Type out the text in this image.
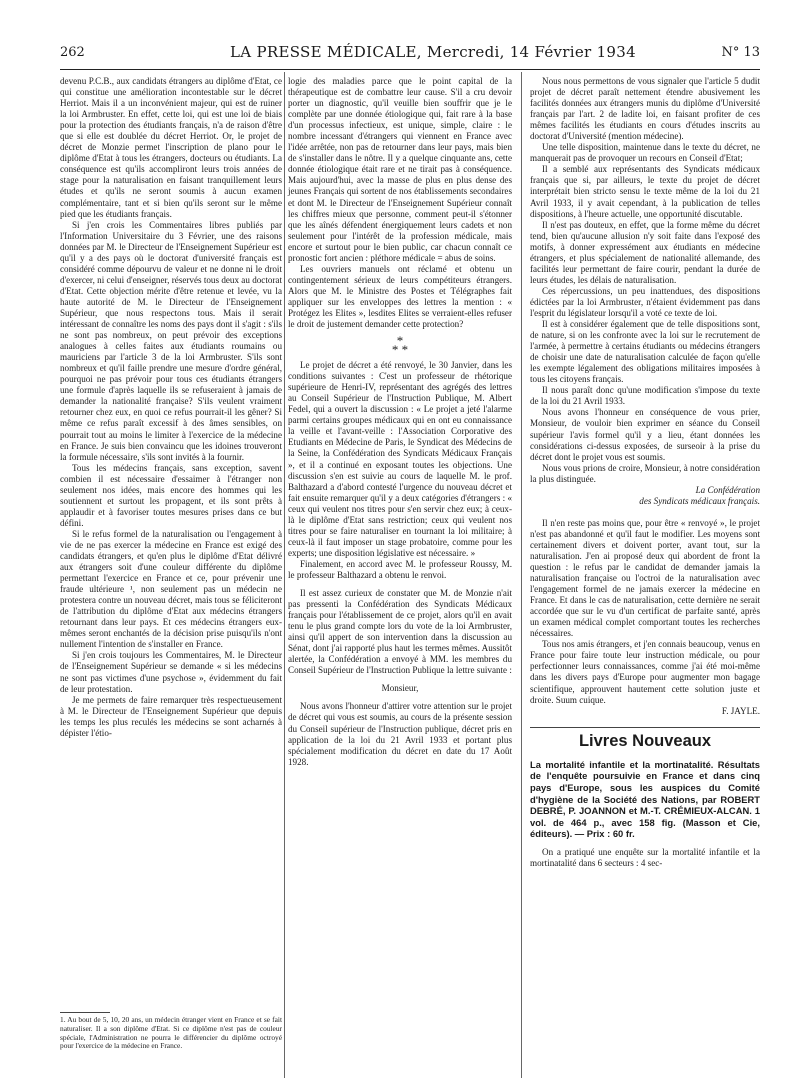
262	LA PRESSE MÉDICALE, Mercredi, 14 Février 1934	N° 13

devenu P.C.B., aux candidats étrangers au diplôme d'Etat, ce qui constitue une amélioration incontestable sur le décret Herriot. Mais il a un inconvénient majeur, qui est de ruiner la loi Armbruster. En effet, cette loi, qui est une loi de biais pour la protection des étudiants français, n'a de raison d'être que si elle est doublée du décret Herriot. Or, le projet de décret de Monzie permet l'inscription de plano pour le diplôme d'Etat à tous les étrangers, docteurs ou étudiants. La conséquence est qu'ils accompliront leurs trois années de stage pour la naturalisation en faisant tranquillement leurs études et qu'ils ne seront soumis à aucun examen complémentaire, tant et si bien qu'ils seront sur le même pied que les étudiants français.

Si j'en crois les Commentaires libres publiés par l'Information Universitaire du 3 Février, une des raisons données par M. le Directeur de l'Enseignement Supérieur est qu'il y a des pays où le doctorat d'université français est considéré comme dépourvu de valeur et ne donne ni le droit d'exercer, ni celui d'enseigner, réservés tous deux au doctorat d'Etat. Cette objection mérite d'être retenue et levée, vu la haute autorité de M. le Directeur de l'Enseignement Supérieur, que nous respectons tous. Mais il serait intéressant de connaître les noms des pays dont il s'agit : s'ils ne sont pas nombreux, on peut prévoir des exceptions analogues à celles faites aux étudiants roumains ou mauriciens par l'article 3 de la loi Armbruster. S'ils sont nombreux et qu'il faille prendre une mesure d'ordre général, pourquoi ne pas prévoir pour tous ces étudiants étrangers une formule d'après laquelle ils se refuseraient à jamais de demander la nationalité française? S'ils veulent vraiment retourner chez eux, en quoi ce refus pourrait-il les gêner? Si même ce refus paraît excessif à des âmes sensibles, on pourrait tout au moins le limiter à l'exercice de la médecine en France. Je suis bien convaincu que les idoines trouveront la formule nécessaire, s'ils sont invités à la fournir.

Tous les médecins français, sans exception, savent combien il est nécessaire d'essaimer à l'étranger non seulement nos idées, mais encore des hommes qui les soutiennent et surtout les propagent, et ils sont prêts à applaudir et à favoriser toutes mesures prises dans ce but défini.

Si le refus formel de la naturalisation ou l'engagement à vie de ne pas exercer la médecine en France est exigé des candidats étrangers, et qu'en plus le diplôme d'Etat délivré aux étrangers soit d'une couleur différente du diplôme permettant l'exercice en France et ce, pour prévenir une fraude ultérieure ¹, non seulement pas un médecin ne protestera contre un nouveau décret, mais tous se féliciteront de l'attribution du diplôme d'Etat aux médecins étrangers retournant dans leur pays. Et ces médecins étrangers eux-mêmes seront enchantés de la décision prise puisqu'ils n'ont nullement l'intention de s'installer en France.

Si j'en crois toujours les Commentaires, M. le Directeur de l'Enseignement Supérieur se demande « si les médecins ne sont pas victimes d'une psychose », évidemment du fait de leur protestation.

Je me permets de faire remarquer très respectueusement à M. le Directeur de l'Enseignement Supérieur que depuis les temps les plus reculés les médecins se sont acharnés à dépister l'étio-

1. Au bout de 5, 10, 20 ans, un médecin étranger vient en France et se fait naturaliser. Il a son diplôme d'Etat. Si ce diplôme n'est pas de couleur spéciale, l'Administration ne pourra le différencier du diplôme octroyé pour l'exercice de la médecine en France.

logie des maladies parce que le point capital de la thérapeutique est de combattre leur cause. S'il a cru devoir porter un diagnostic, qu'il veuille bien souffrir que je le complète par une donnée étiologique qui, fait rare à la base d'un processus infectieux, est unique, simple, claire : le nombre incessant d'étrangers qui viennent en France avec l'idée arrêtée, non pas de retourner dans leur pays, mais bien de s'installer dans le nôtre. Il y a quelque cinquante ans, cette donnée étiologique était rare et ne tirait pas à conséquence. Mais aujourd'hui, avec la masse de plus en plus dense des jeunes Français qui sortent de nos établissements secondaires et dont M. le Directeur de l'Enseignement Supérieur connaît les chiffres mieux que personne, comment peut-il s'étonner que les aînés défendent énergiquement leurs cadets et non seulement pour l'intérêt de la profession médicale, mais encore et surtout pour le bien public, car chacun connaît ce pronostic fort ancien : pléthore médicale = abus de soins.

Les ouvriers manuels ont réclamé et obtenu un contingentement sérieux de leurs compétiteurs étrangers. Alors que M. le Ministre des Postes et Télégraphes fait appliquer sur les enveloppes des lettres la mention : « Protégez les Elites », lesdites Elites se verraient-elles refuser le droit de justement demander cette protection?

*
* *

Le projet de décret a été renvoyé, le 30 Janvier, dans les conditions suivantes : C'est un professeur de rhétorique supérieure de Henri-IV, représentant des agrégés des lettres au Conseil Supérieur de l'Instruction Publique, M. Albert Fedel, qui a ouvert la discussion : « Le projet a jeté l'alarme parmi certains groupes médicaux qui en ont eu connaissance la veille et l'avant-veille : l'Association Corporative des Etudiants en Médecine de Paris, le Syndicat des Médecins de la Seine, la Confédération des Syndicats Médicaux Français », et il a continué en exposant toutes les objections. Une discussion s'en est suivie au cours de laquelle M. le prof. Balthazard a d'abord contesté l'urgence du nouveau décret et fait ensuite remarquer qu'il y a deux catégories d'étrangers : « ceux qui veulent nos titres pour s'en servir chez eux; à ceux-là le diplôme d'Etat sans restriction; ceux qui veulent nos titres pour se faire naturaliser en tournant la loi militaire; à ceux-là il faut imposer un stage probatoire, comme pour les experts; une disposition législative est nécessaire. »

Finalement, en accord avec M. le professeur Roussy, M. le professeur Balthazard a obtenu le renvoi.

Il est assez curieux de constater que M. de Monzie n'ait pas pressenti la Confédération des Syndicats Médicaux français pour l'établissement de ce projet, alors qu'il en avait tenu le plus grand compte lors du vote de la loi Armbruster, ainsi qu'il appert de son intervention dans la discussion au Sénat, dont j'ai rapporté plus haut les termes mêmes. Aussitôt alertée, la Confédération a envoyé à MM. les membres du Conseil Supérieur de l'Instruction Publique la lettre suivante :

Monsieur,

Nous avons l'honneur d'attirer votre attention sur le projet de décret qui vous est soumis, au cours de la présente session du Conseil supérieur de l'Instruction publique, décret pris en application de la loi du 21 Avril 1933 et portant plus spécialement modification du décret en date du 17 Août 1928.

Nous nous permettons de vous signaler que l'article 5 dudit projet de décret paraît nettement étendre abusivement les facilités données aux étrangers munis du diplôme d'Université français par l'art. 2 de ladite loi, en faisant profiter de ces mêmes facilités les étudiants en cours d'études inscrits au doctorat d'Université (mention médecine).

Une telle disposition, maintenue dans le texte du décret, ne manquerait pas de provoquer un recours en Conseil d'Etat;

Il a semblé aux représentants des Syndicats médicaux français que si, par ailleurs, le texte du projet de décret interprétait bien stricto sensu le texte même de la loi du 21 Avril 1933, il y avait cependant, à la publication de telles dispositions, à l'heure actuelle, une opportunité discutable.

Il n'est pas douteux, en effet, que la forme même du décret tend, bien qu'aucune allusion n'y soit faite dans l'exposé des motifs, à donner expressément aux étudiants en médecine étrangers, et plus spécialement de nationalité allemande, des facilités leur permettant de faire courir, pendant la durée de leurs études, les délais de naturalisation.

Ces répercussions, un peu inattendues, des dispositions édictées par la loi Armbruster, n'étaient évidemment pas dans l'esprit du législateur lorsqu'il a voté ce texte de loi.

Il est à considérer également que de telle dispositions sont, de nature, si on les confronte avec la loi sur le recrutement de l'armée, à permettre à certains étudiants ou médecins étrangers de choisir une date de naturalisation calculée de façon qu'elle les exempte légalement des obligations militaires imposées à tous les citoyens français.

Il nous paraît donc qu'une modification s'impose du texte de la loi du 21 Avril 1933.

Nous avons l'honneur en conséquence de vous prier, Monsieur, de vouloir bien exprimer en séance du Conseil supérieur l'avis formel qu'il y a lieu, étant données les considérations ci-dessus exposées, de surseoir à la prise du décret dont le projet vous est soumis.

Nous vous prions de croire, Monsieur, à notre considération la plus distinguée.

La Confédération

des Syndicats médicaux français.

Il n'en reste pas moins que, pour être « renvoyé », le projet n'est pas abandonné et qu'il faut le modifier. Les moyens sont certainement divers et doivent porter, avant tout, sur la naturalisation. J'en ai proposé deux qui abordent de front la question : le refus par le candidat de demander jamais la naturalisation française ou l'octroi de la naturalisation avec l'engagement formel de ne jamais exercer la médecine en France. Et dans le cas de naturalisation, cette dernière ne serait accordée que sur le vu d'un certificat de parfaite santé, après un examen médical complet comportant toutes les recherches nécessaires.

Tous nos amis étrangers, et j'en connais beaucoup, venus en France pour faire toute leur instruction médicale, ou pour perfectionner leurs connaissances, comme j'ai été moi-même dans les divers pays d'Europe pour augmenter mon bagage scientifique, approuvent hautement cette solution juste et droite. Suum cuique.

F. JAYLE.

Livres Nouveaux

La mortalité infantile et la mortinatalité. Résultats de l'enquête poursuivie en France et dans cinq pays d'Europe, sous les auspices du Comité d'hygiène de la Société des Nations, par ROBERT DEBRÉ, P. JOANNON et M.-T. CRÉMIEUX-ALCAN. 1 vol. de 464 p., avec 158 fig. (Masson et Cie, éditeurs). — Prix : 60 fr.

On a pratiqué une enquête sur la mortalité infantile et la mortinatalité dans 6 secteurs : 4 sec-
